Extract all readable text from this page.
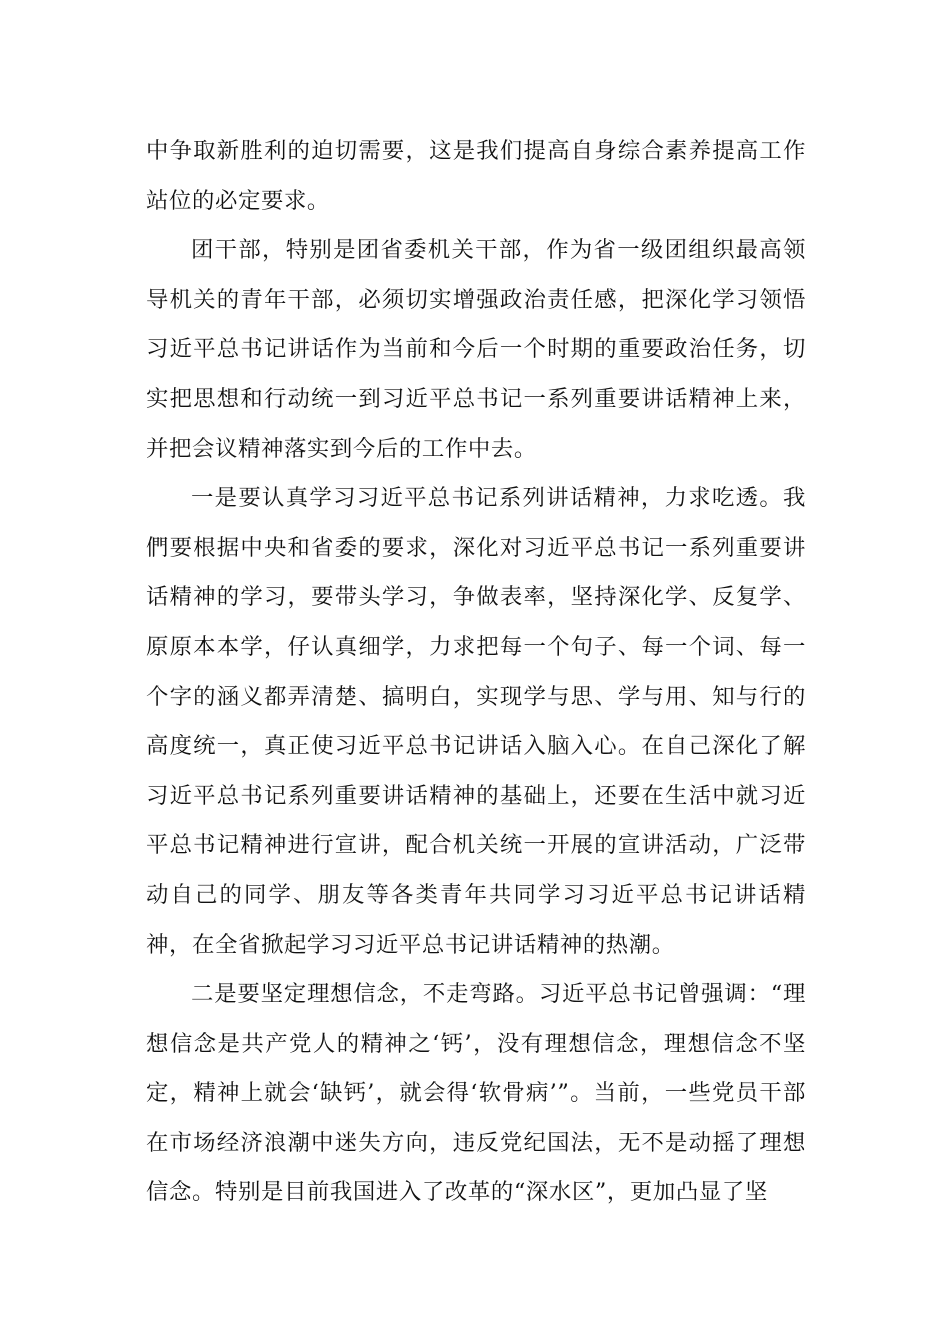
中争取新胜利的迫切需要，这是我们提高自身综合素养提高工作站位的必定要求。

团干部，特别是团省委机关干部，作为省一级团组织最高领导机关的青年干部，必须切实增强政治责任感，把深化学习领悟习近平总书记讲话作为当前和今后一个时期的重要政治任务，切实把思想和行动统一到习近平总书记一系列重要讲话精神上来，并把会议精神落实到今后的工作中去。

一是要认真学习习近平总书记系列讲话精神，力求吃透。我們要根据中央和省委的要求，深化对习近平总书记一系列重要讲话精神的学习，要带头学习，争做表率，坚持深化学、反复学、原原本本学，仔认真细学，力求把每一个句子、每一个词、每一个字的涵义都弄清楚、搞明白，实现学与思、学与用、知与行的高度统一，真正使习近平总书记讲话入脑入心。在自己深化了解习近平总书记系列重要讲话精神的基础上，还要在生活中就习近平总书记精神进行宣讲，配合机关统一开展的宣讲活动，广泛带动自己的同学、朋友等各类青年共同学习习近平总书记讲话精神，在全省掀起学习习近平总书记讲话精神的热潮。

二是要坚定理想信念，不走弯路。习近平总书记曾强调：“理想信念是共产党人的精神之‘钙’，没有理想信念，理想信念不坚定，精神上就会‘缺钙’，就会得‘软骨病’”。当前，一些党员干部在市场经济浪潮中迷失方向，违反党纪国法，无不是动摇了理想信念。特别是目前我国进入了改革的“深水区”，更加凸显了坚
